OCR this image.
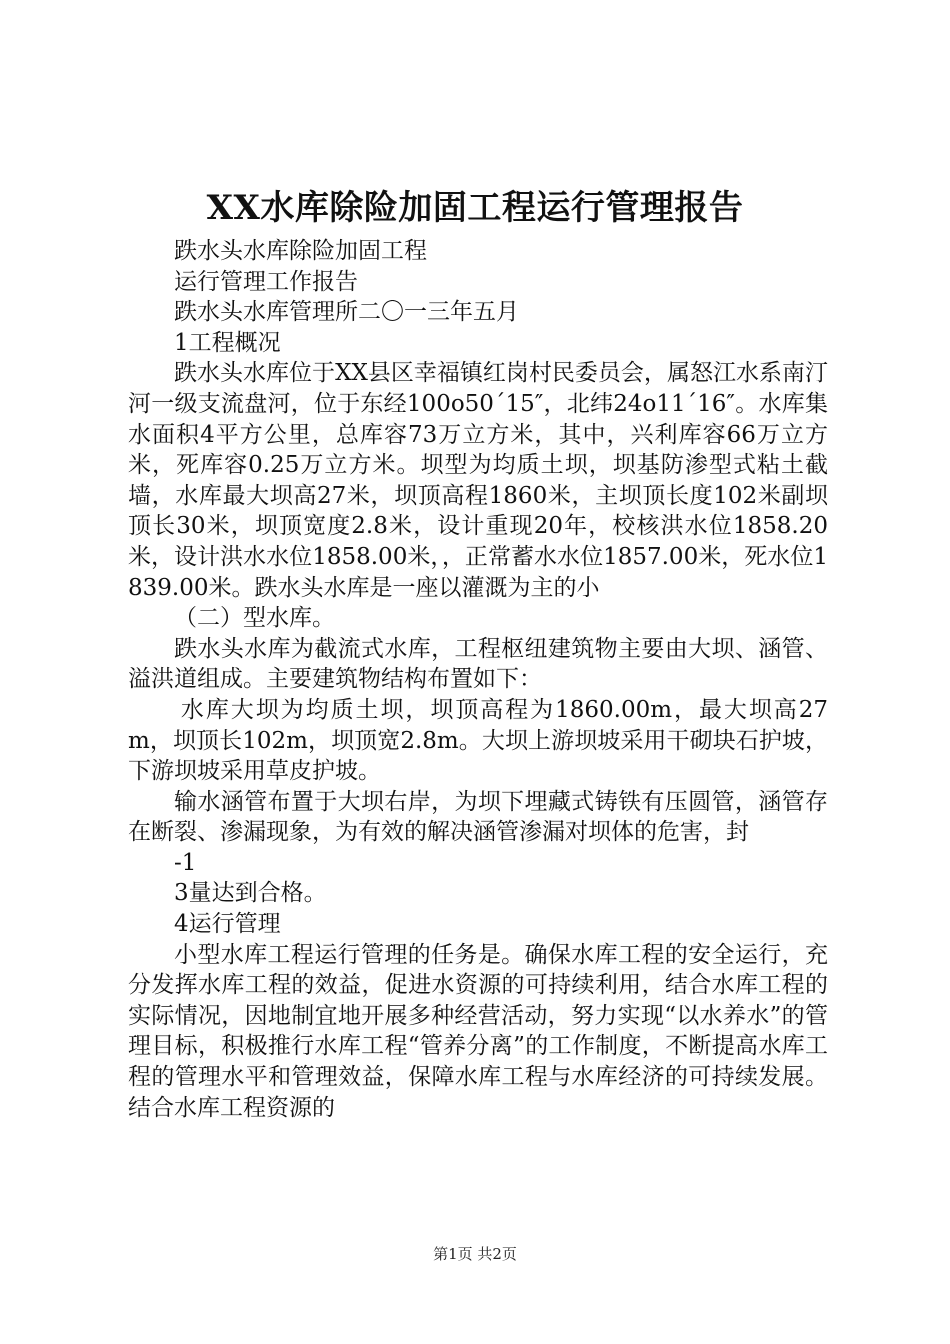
XX水库除险加固工程运行管理报告

跌水头水库除险加固工程

运行管理工作报告

跌水头水库管理所二〇一三年五月

1工程概况

跌水头水库位于XX县区幸福镇红岗村民委员会，属怒江水系南汀河一级支流盘河，位于东经100o50´15″，北纬24o11´16″。水库集水面积4平方公里，总库容73万立方米，其中，兴利库容66万立方米，死库容0.25万立方米。坝型为均质土坝，坝基防渗型式粘土截墙，水库最大坝高27米，坝顶高程1860米，主坝顶长度102米副坝顶长30米，坝顶宽度2.8米，设计重现20年，校核洪水位1858.20米，设计洪水水位1858.00米，，正常蓄水水位1857.00米，死水位1839.00米。跌水头水库是一座以灌溉为主的小

（二）型水库。

跌水头水库为截流式水库，工程枢纽建筑物主要由大坝、涵管、溢洪道组成。主要建筑物结构布置如下：

水库大坝为均质土坝，坝顶高程为1860.00m，最大坝高27m，坝顶长102m，坝顶宽2.8m。大坝上游坝坡采用干砌块石护坡，下游坝坡采用草皮护坡。

输水涵管布置于大坝右岸，为坝下埋藏式铸铁有压圆管，涵管存在断裂、渗漏现象，为有效的解决涵管渗漏对坝体的危害，封

-1

3量达到合格。

4运行管理

小型水库工程运行管理的任务是。确保水库工程的安全运行，充分发挥水库工程的效益，促进水资源的可持续利用，结合水库工程的实际情况，因地制宜地开展多种经营活动，努力实现“以水养水”的管理目标，积极推行水库工程“管养分离”的工作制度，不断提高水库工程的管理水平和管理效益，保障水库工程与水库经济的可持续发展。结合水库工程资源的

第1页 共2页
